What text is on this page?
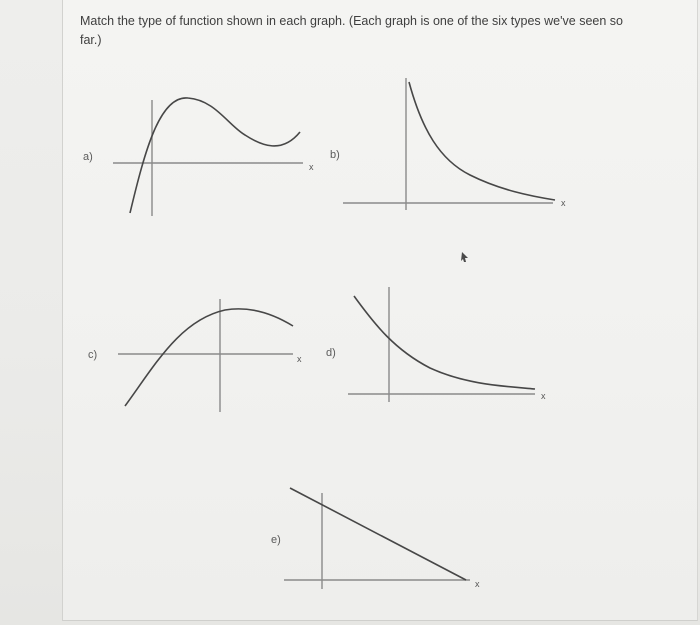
Match the type of function shown in each graph. (Each graph is one of the six types we've seen so far.)

a)
x
b)
x
c)	x d)
x
e)
x
